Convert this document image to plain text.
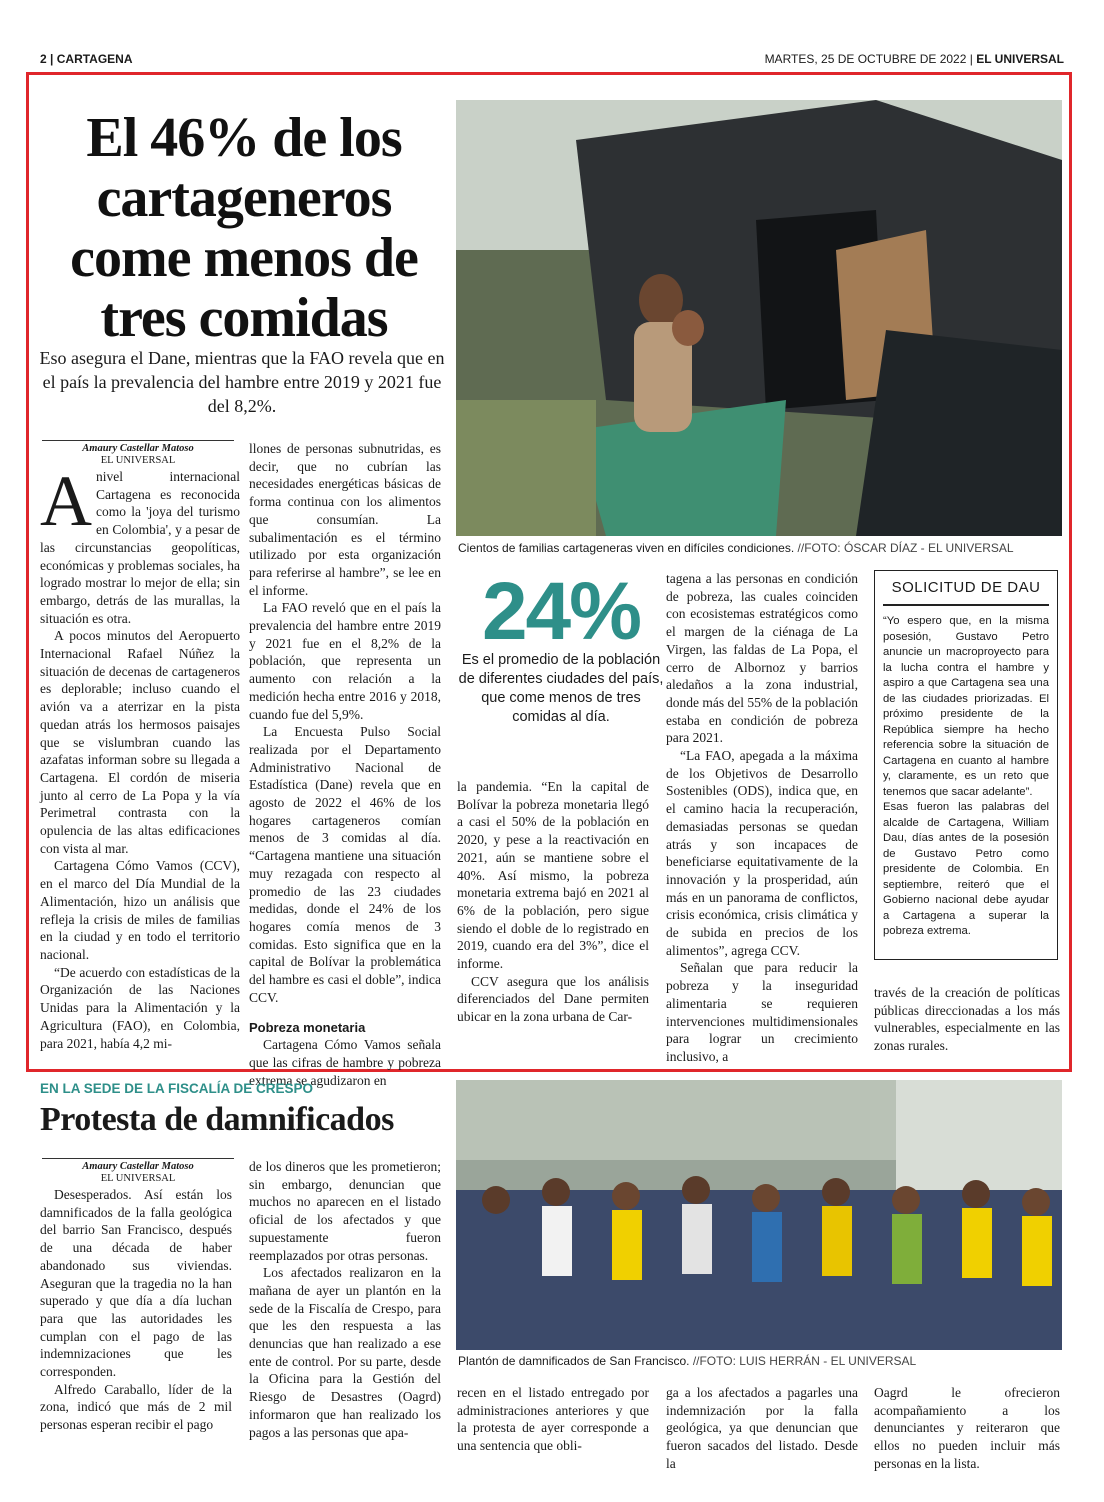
2 | CARTAGENA	MARTES, 25 DE OCTUBRE DE 2022 | EL UNIVERSAL
El 46% de los cartageneros come menos de tres comidas
Eso asegura el Dane, mientras que la FAO revela que en el país la prevalencia del hambre entre 2019 y 2021 fue del 8,2%.
Cientos de familias cartageneras viven en difíciles condiciones. //FOTO: ÓSCAR DÍAZ - EL UNIVERSAL
Amaury Castellar Matoso
EL UNIVERSAL

Anivel internacional Cartagena es reconocida como la 'joya del turismo en Colombia', y a pesar de las circunstancias geopolíticas, económicas y problemas sociales, ha logrado mostrar lo mejor de ella; sin embargo, detrás de las murallas, la situación es otra.

A pocos minutos del Aeropuerto Internacional Rafael Núñez la situación de decenas de cartageneros es deplorable; incluso cuando el avión va a aterrizar en la pista quedan atrás los hermosos paisajes que se vislumbran cuando las azafatas informan sobre su llegada a Cartagena. El cordón de miseria junto al cerro de La Popa y la vía Perimetral contrasta con la opulencia de las altas edificaciones con vista al mar.

Cartagena Cómo Vamos (CCV), en el marco del Día Mundial de la Alimentación, hizo un análisis que refleja la crisis de miles de familias en la ciudad y en todo el territorio nacional.

“De acuerdo con estadísticas de la Organización de las Naciones Unidas para la Alimentación y la Agricultura (FAO), en Colombia, para 2021, había 4,2 mi-

llones de personas subnutridas, es decir, que no cubrían las necesidades energéticas básicas de forma continua con los alimentos que consumían. La subalimentación es el término utilizado por esta organización para referirse al hambre”, se lee en el informe.

La FAO reveló que en el país la prevalencia del hambre entre 2019 y 2021 fue en el 8,2% de la población, que representa un aumento con relación a la medición hecha entre 2016 y 2018, cuando fue del 5,9%.

La Encuesta Pulso Social realizada por el Departamento Administrativo Nacional de Estadística (Dane) revela que en agosto de 2022 el 46% de los hogares cartageneros comían menos de 3 comidas al día. “Cartagena mantiene una situación muy rezagada con respecto al promedio de las 23 ciudades medidas, donde el 24% de los hogares comía menos de 3 comidas. Esto significa que en la capital de Bolívar la problemática del hambre es casi el doble”, indica CCV.

Pobreza monetaria

Cartagena Cómo Vamos señala que las cifras de hambre y pobreza extrema se agudizaron en

24%
Es el promedio de la población de diferentes ciudades del país, que come menos de tres comidas al día.

la pandemia. “En la capital de Bolívar la pobreza monetaria llegó a casi el 50% de la población en 2020, y pese a la reactivación en 2021, aún se mantiene sobre el 40%. Así mismo, la pobreza monetaria extrema bajó en 2021 al 6% de la población, pero sigue siendo el doble de lo registrado en 2019, cuando era del 3%”, dice el informe.

CCV asegura que los análisis diferenciados del Dane permiten ubicar en la zona urbana de Car-

tagena a las personas en condición de pobreza, las cuales coinciden con ecosistemas estratégicos como el margen de la ciénaga de La Virgen, las faldas de La Popa, el cerro de Albornoz y barrios aledaños a la zona industrial, donde más del 55% de la población estaba en condición de pobreza para 2021.

“La FAO, apegada a la máxima de los Objetivos de Desarrollo Sostenibles (ODS), indica que, en el camino hacia la recuperación, demasiadas personas se quedan atrás y son incapaces de beneficiarse equitativamente de la innovación y la prosperidad, aún más en un panorama de conflictos, crisis económica, crisis climática y de subida en precios de los alimentos”, agrega CCV.

Señalan que para reducir la pobreza y la inseguridad alimentaria se requieren intervenciones multidimensionales para lograr un crecimiento inclusivo, a

SOLICITUD DE DAU

“Yo espero que, en la misma posesión, Gustavo Petro anuncie un macroproyecto para la lucha contra el hambre y aspiro a que Cartagena sea una de las ciudades priorizadas. El próximo presidente de la República siempre ha hecho referencia sobre la situación de Cartagena en cuanto al hambre y, claramente, es un reto que tenemos que sacar adelante”.

Esas fueron las palabras del alcalde de Cartagena, William Dau, días antes de la posesión de Gustavo Petro como presidente de Colombia. En septiembre, reiteró que el Gobierno nacional debe ayudar a Cartagena a superar la pobreza extrema.

través de la creación de políticas públicas direccionadas a los más vulnerables, especialmente en las zonas rurales.

EN LA SEDE DE LA FISCALÍA DE CRESPO
Protesta de damnificados
Plantón de damnificados de San Francisco. //FOTO: LUIS HERRÁN - EL UNIVERSAL
Amaury Castellar Matoso
EL UNIVERSAL

Desesperados. Así están los damnificados de la falla geológica del barrio San Francisco, después de una década de haber abandonado sus viviendas. Aseguran que la tragedia no la han superado y que día a día luchan para que las autoridades les cumplan con el pago de las indemnizaciones que les corresponden.

Alfredo Caraballo, líder de la zona, indicó que más de 2 mil personas esperan recibir el pago

de los dineros que les prometieron; sin embargo, denuncian que muchos no aparecen en el listado oficial de los afectados y que supuestamente fueron reemplazados por otras personas.

Los afectados realizaron en la mañana de ayer un plantón en la sede de la Fiscalía de Crespo, para que les den respuesta a las denuncias que han realizado a ese ente de control. Por su parte, desde la Oficina para la Gestión del Riesgo de Desastres (Oagrd) informaron que han realizado los pagos a las personas que apa-

recen en el listado entregado por administraciones anteriores y que la protesta de ayer corresponde a una sentencia que obli-

ga a los afectados a pagarles una indemnización por la falla geológica, ya que denuncian que fueron sacados del listado. Desde la

Oagrd le ofrecieron acompañamiento a los denunciantes y reiteraron que ellos no pueden incluir más personas en la lista.
